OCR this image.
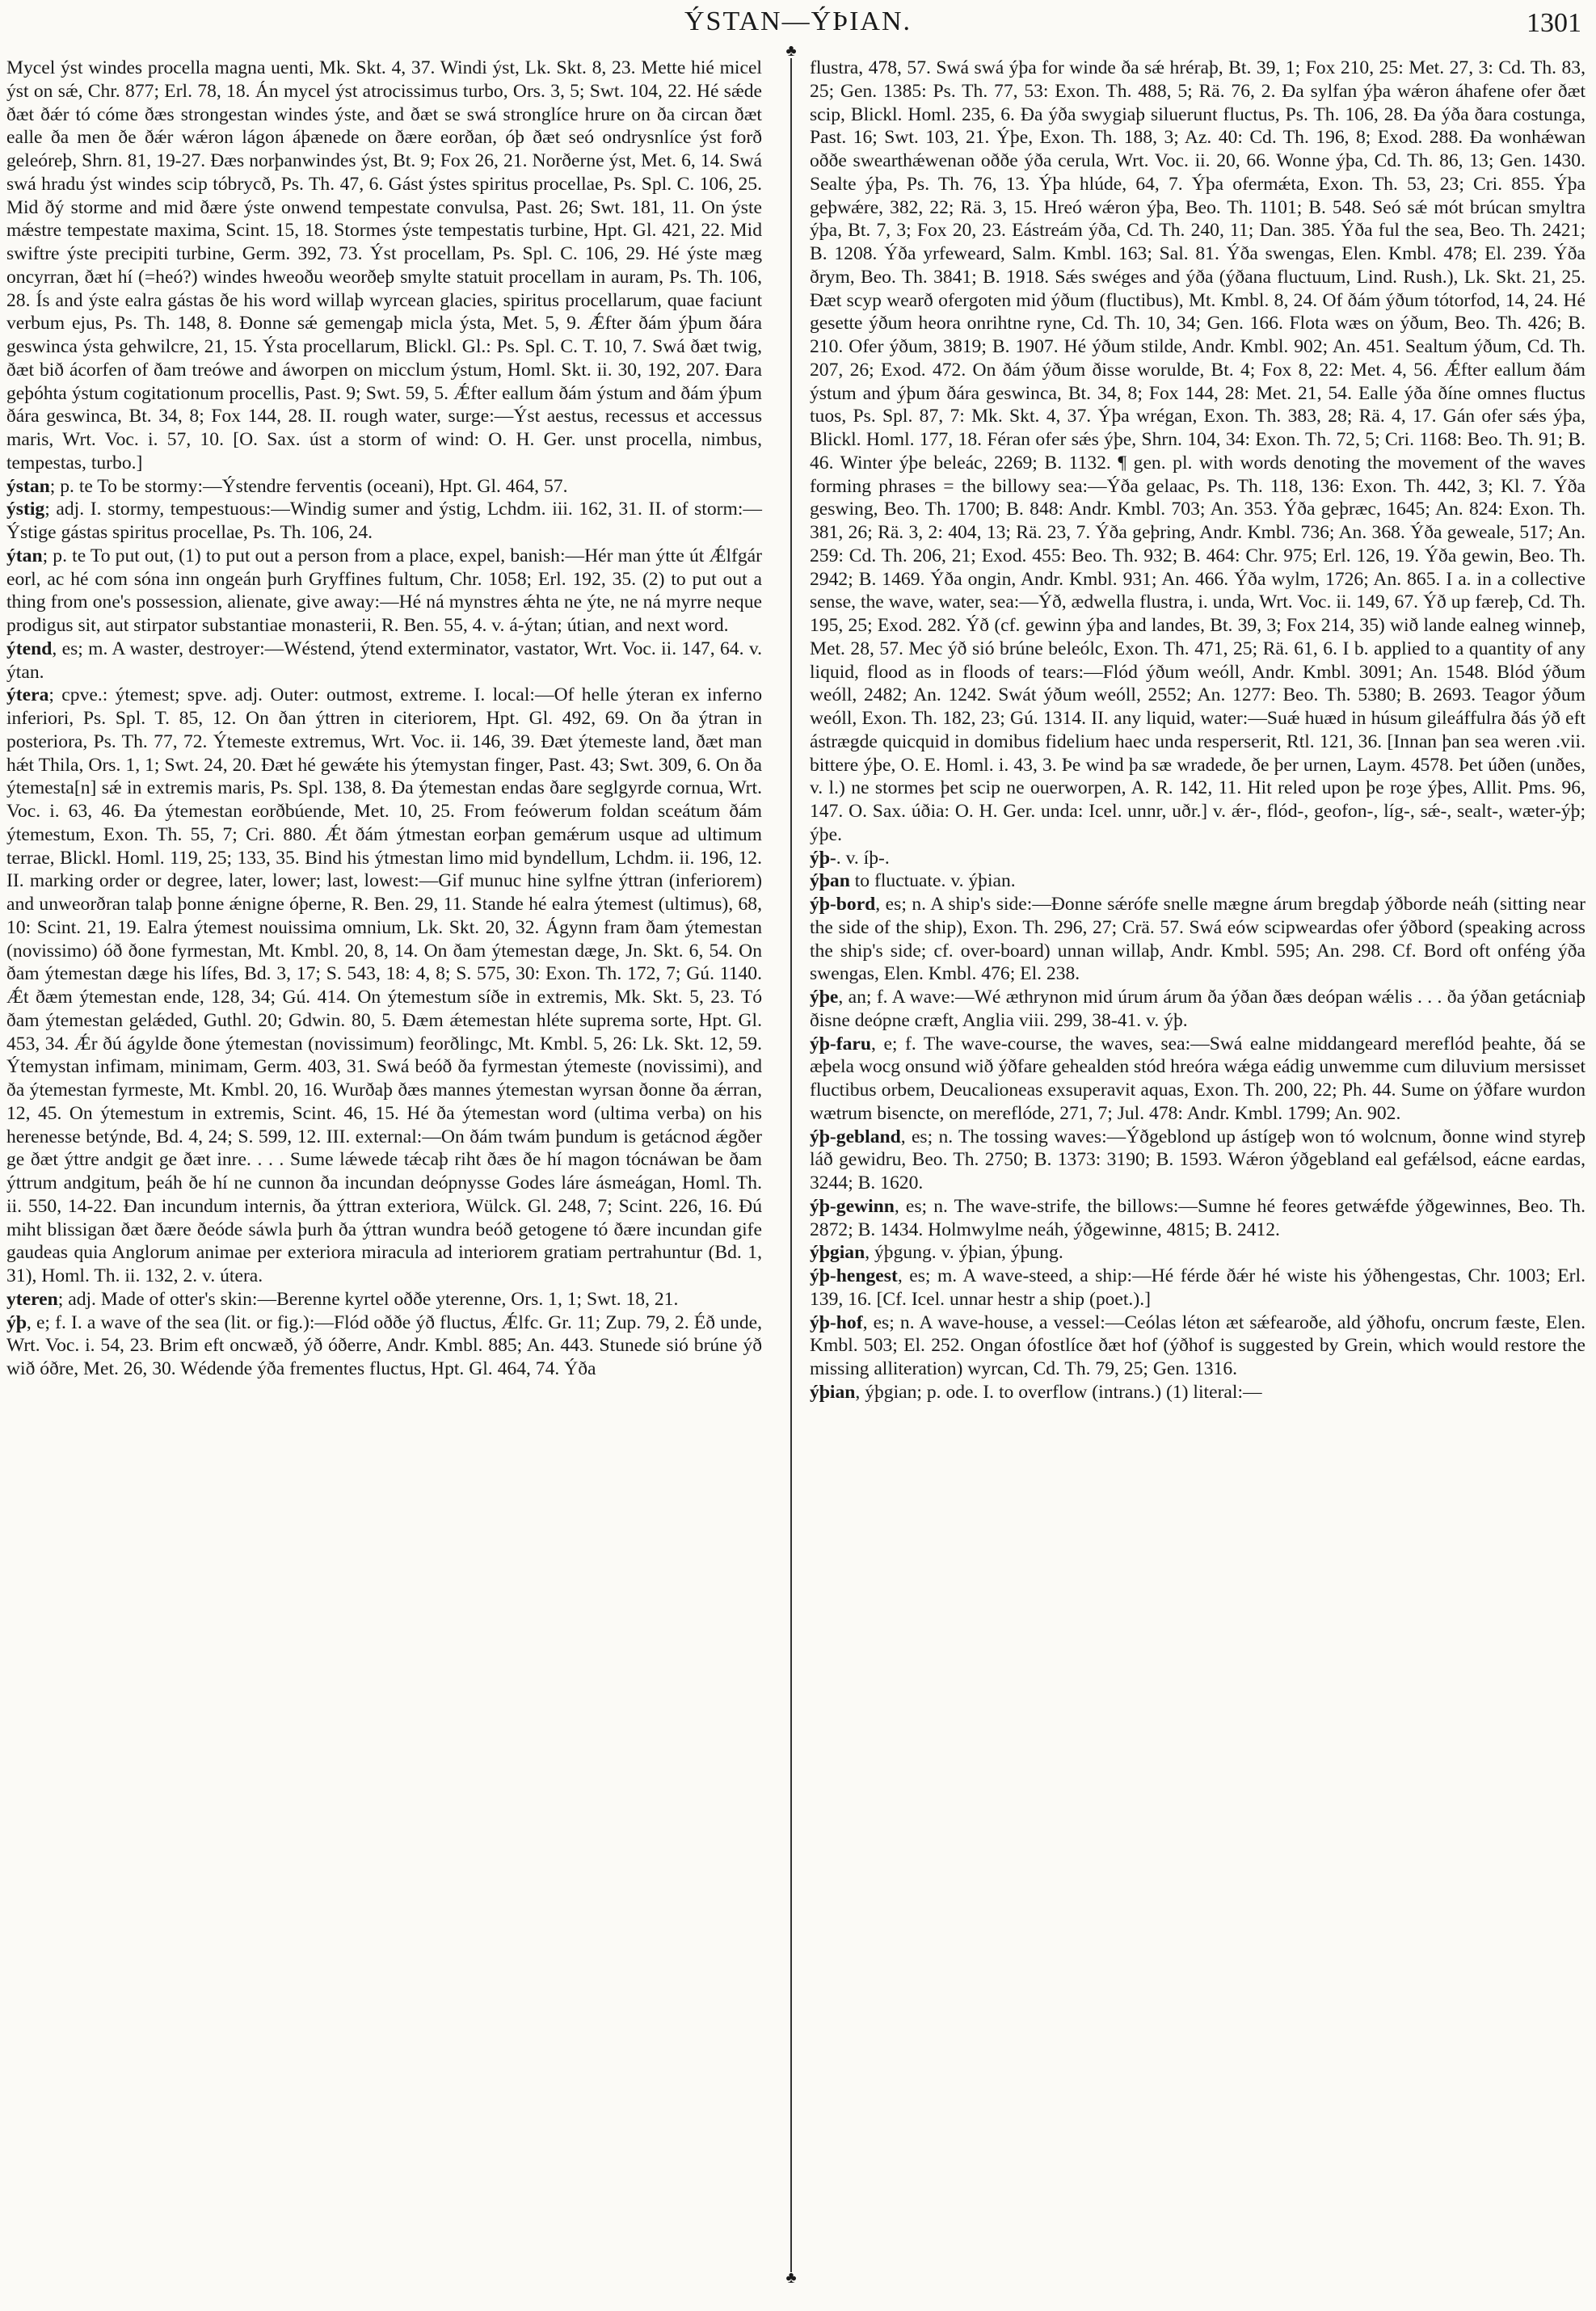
ÝSTAN—ÝÞIAN.	1301
♣
♣

Mycel ýst windes procella magna uenti, Mk. Skt. 4, 37. Windi ýst, Lk. Skt. 8, 23. Mette hié micel ýst on sǽ, Chr. 877; Erl. 78, 18. Án mycel ýst atrocissimus turbo, Ors. 3, 5; Swt. 104, 22. Hé sǽde ðæt ðǽr tó cóme ðæs strongestan windes ýste, and ðæt se swá stronglíce hrure on ða circan ðæt ealle ða men ðe ðǽr wǽron lágon áþænede on ðære eorðan, óþ ðæt seó ondrysnlíce ýst forð geleóreþ, Shrn. 81, 19-27. Ðæs norþanwindes ýst, Bt. 9; Fox 26, 21. Norðerne ýst, Met. 6, 14. Swá swá hradu ýst windes scip tóbrycð, Ps. Th. 47, 6. Gást ýstes spiritus procellae, Ps. Spl. C. 106, 25. Mid ðý storme and mid ðære ýste onwend tempestate convulsa, Past. 26; Swt. 181, 11. On ýste mǽstre tempestate maxima, Scint. 15, 18. Stormes ýste tempestatis turbine, Hpt. Gl. 421, 22. Mid swiftre ýste precipiti turbine, Germ. 392, 73. Ýst procellam, Ps. Spl. C. 106, 29. Hé ýste mæg oncyrran, ðæt hí (=heó?) windes hweoðu weorðeþ smylte statuit procellam in auram, Ps. Th. 106, 28. Ís and ýste ealra gástas ðe his word willaþ wyrcean glacies, spiritus procellarum, quae faciunt verbum ejus, Ps. Th. 148, 8. Ðonne sǽ gemengaþ micla ýsta, Met. 5, 9. Ǽfter ðám ýþum ðára geswinca ýsta gehwilcre, 21, 15. Ýsta procellarum, Blickl. Gl.: Ps. Spl. C. T. 10, 7. Swá ðæt twig, ðæt bið ácorfen of ðam treówe and áworpen on micclum ýstum, Homl. Skt. ii. 30, 192, 207. Ðara geþóhta ýstum cogitationum procellis, Past. 9; Swt. 59, 5. Ǽfter eallum ðám ýstum and ðám ýþum ðára geswinca, Bt. 34, 8; Fox 144, 28. II. rough water, surge:—Ýst aestus, recessus et accessus maris, Wrt. Voc. i. 57, 10. [O. Sax. úst a storm of wind: O. H. Ger. unst procella, nimbus, tempestas, turbo.]

ýstan; p. te To be stormy:—Ýstendre ferventis (oceani), Hpt. Gl. 464, 57.

ýstig; adj. I. stormy, tempestuous:—Windig sumer and ýstig, Lchdm. iii. 162, 31. II. of storm:—Ýstige gástas spiritus procellae, Ps. Th. 106, 24.

ýtan; p. te To put out, (1) to put out a person from a place, expel, banish:—Hér man ýtte út Ǽlfgár eorl, ac hé com sóna inn ongeán þurh Gryffines fultum, Chr. 1058; Erl. 192, 35. (2) to put out a thing from one's possession, alienate, give away:—Hé ná mynstres ǽhta ne ýte, ne ná myrre neque prodigus sit, aut stirpator substantiae monasterii, R. Ben. 55, 4. v. á-ýtan; útian, and next word.

ýtend, es; m. A waster, destroyer:—Wéstend, ýtend exterminator, vastator, Wrt. Voc. ii. 147, 64. v. ýtan.

ýtera; cpve.: ýtemest; spve. adj. Outer: outmost, extreme. I. local:—Of helle ýteran ex inferno inferiori, Ps. Spl. T. 85, 12. On ðan ýttren in citeriorem, Hpt. Gl. 492, 69. On ða ýtran in posteriora, Ps. Th. 77, 72. Ýtemeste extremus, Wrt. Voc. ii. 146, 39. Ðæt ýtemeste land, ðæt man hǽt Thila, Ors. 1, 1; Swt. 24, 20. Ðæt hé gewǽte his ýtemystan finger, Past. 43; Swt. 309, 6. On ða ýtemesta[n] sǽ in extremis maris, Ps. Spl. 138, 8. Ða ýtemestan endas ðare seglgyrde cornua, Wrt. Voc. i. 63, 46. Ða ýtemestan eorðbúende, Met. 10, 25. From feówerum foldan sceátum ðám ýtemestum, Exon. Th. 55, 7; Cri. 880. Ǽt ðám ýtmestan eorþan gemǽrum usque ad ultimum terrae, Blickl. Homl. 119, 25; 133, 35. Bind his ýtmestan limo mid byndellum, Lchdm. ii. 196, 12. II. marking order or degree, later, lower; last, lowest:—Gif munuc hine sylfne ýttran (inferiorem) and unweorðran talaþ þonne ǽnigne óþerne, R. Ben. 29, 11. Stande hé ealra ýtemest (ultimus), 68, 10: Scint. 21, 19. Ealra ýtemest nouissima omnium, Lk. Skt. 20, 32. Ágynn fram ðam ýtemestan (novissimo) óð ðone fyrmestan, Mt. Kmbl. 20, 8, 14. On ðam ýtemestan dæge, Jn. Skt. 6, 54. On ðam ýtemestan dæge his lífes, Bd. 3, 17; S. 543, 18: 4, 8; S. 575, 30: Exon. Th. 172, 7; Gú. 1140. Ǽt ðæm ýtemestan ende, 128, 34; Gú. 414. On ýtemestum síðe in extremis, Mk. Skt. 5, 23. Tó ðam ýtemestan gelǽded, Guthl. 20; Gdwin. 80, 5. Ðæm ǽtemestan hléte suprema sorte, Hpt. Gl. 453, 34. Ǽr ðú ágylde ðone ýtemestan (novissimum) feorðlingc, Mt. Kmbl. 5, 26: Lk. Skt. 12, 59. Ýtemystan infimam, minimam, Germ. 403, 31. Swá beóð ða fyrmestan ýtemeste (novissimi), and ða ýtemestan fyrmeste, Mt. Kmbl. 20, 16. Wurðaþ ðæs mannes ýtemestan wyrsan ðonne ða ǽrran, 12, 45. On ýtemestum in extremis, Scint. 46, 15. Hé ða ýtemestan word (ultima verba) on his herenesse betýnde, Bd. 4, 24; S. 599, 12. III. external:—On ðám twám þundum is getácnod ǽgðer ge ðæt ýttre andgit ge ðæt inre. . . . Sume lǽwede tǽcaþ riht ðæs ðe hí magon tócnáwan be ðam ýttrum andgitum, þeáh ðe hí ne cunnon ða incundan deópnysse Godes láre ásmeágan, Homl. Th. ii. 550, 14-22. Ðan incundum internis, ða ýttran exteriora, Wülck. Gl. 248, 7; Scint. 226, 16. Ðú miht blissigan ðæt ðære ðeóde sáwla þurh ða ýttran wundra beóð getogene tó ðære incundan gife gaudeas quia Anglorum animae per exteriora miracula ad interiorem gratiam pertrahuntur (Bd. 1, 31), Homl. Th. ii. 132, 2. v. útera.

yteren; adj. Made of otter's skin:—Berenne kyrtel oððe yterenne, Ors. 1, 1; Swt. 18, 21.

ýþ, e; f. I. a wave of the sea (lit. or fig.):—Flód oððe ýð fluctus, Ǽlfc. Gr. 11; Zup. 79, 2. Éð unde, Wrt. Voc. i. 54, 23. Brim eft oncwæð, ýð óðerre, Andr. Kmbl. 885; An. 443. Stunede sió brúne ýð wið óðre, Met. 26, 30. Wédende ýða frementes fluctus, Hpt. Gl. 464, 74. Ýða

flustra, 478, 57. Swá swá ýþa for winde ða sǽ hréraþ, Bt. 39, 1; Fox 210, 25: Met. 27, 3: Cd. Th. 83, 25; Gen. 1385: Ps. Th. 77, 53: Exon. Th. 488, 5; Rä. 76, 2. Ða sylfan ýþa wǽron áhafene ofer ðæt scip, Blickl. Homl. 235, 6. Ða ýða swygiaþ siluerunt fluctus, Ps. Th. 106, 28. Ða ýða ðara costunga, Past. 16; Swt. 103, 21. Ýþe, Exon. Th. 188, 3; Az. 40: Cd. Th. 196, 8; Exod. 288. Ða wonhǽwan oððe swearthǽwenan oððe ýða cerula, Wrt. Voc. ii. 20, 66. Wonne ýþa, Cd. Th. 86, 13; Gen. 1430. Sealte ýþa, Ps. Th. 76, 13. Ýþa hlúde, 64, 7. Ýþa ofermǽta, Exon. Th. 53, 23; Cri. 855. Ýþa geþwǽre, 382, 22; Rä. 3, 15. Hreó wǽron ýþa, Beo. Th. 1101; B. 548. Seó sǽ mót brúcan smyltra ýþa, Bt. 7, 3; Fox 20, 23. Eástreám ýða, Cd. Th. 240, 11; Dan. 385. Ýða ful the sea, Beo. Th. 2421; B. 1208. Ýða yrfeweard, Salm. Kmbl. 163; Sal. 81. Ýða swengas, Elen. Kmbl. 478; El. 239. Ýða ðrym, Beo. Th. 3841; B. 1918. Sǽs swéges and ýða (ýðana fluctuum, Lind. Rush.), Lk. Skt. 21, 25. Ðæt scyp wearð ofergoten mid ýðum (fluctibus), Mt. Kmbl. 8, 24. Of ðám ýðum tótorfod, 14, 24. Hé gesette ýðum heora onrihtne ryne, Cd. Th. 10, 34; Gen. 166. Flota wæs on ýðum, Beo. Th. 426; B. 210. Ofer ýðum, 3819; B. 1907. Hé ýðum stilde, Andr. Kmbl. 902; An. 451. Sealtum ýðum, Cd. Th. 207, 26; Exod. 472. On ðám ýðum ðisse worulde, Bt. 4; Fox 8, 22: Met. 4, 56. Ǽfter eallum ðám ýstum and ýþum ðára geswinca, Bt. 34, 8; Fox 144, 28: Met. 21, 54. Ealle ýða ðíne omnes fluctus tuos, Ps. Spl. 87, 7: Mk. Skt. 4, 37. Ýþa wrégan, Exon. Th. 383, 28; Rä. 4, 17. Gán ofer sǽs ýþa, Blickl. Homl. 177, 18. Féran ofer sǽs ýþe, Shrn. 104, 34: Exon. Th. 72, 5; Cri. 1168: Beo. Th. 91; B. 46. Winter ýþe beleác, 2269; B. 1132. ¶ gen. pl. with words denoting the movement of the waves forming phrases = the billowy sea:—Ýða gelaac, Ps. Th. 118, 136: Exon. Th. 442, 3; Kl. 7. Ýða geswing, Beo. Th. 1700; B. 848: Andr. Kmbl. 703; An. 353. Ýða geþræc, 1645; An. 824: Exon. Th. 381, 26; Rä. 3, 2: 404, 13; Rä. 23, 7. Ýða geþring, Andr. Kmbl. 736; An. 368. Ýða geweale, 517; An. 259: Cd. Th. 206, 21; Exod. 455: Beo. Th. 932; B. 464: Chr. 975; Erl. 126, 19. Ýða gewin, Beo. Th. 2942; B. 1469. Ýða ongin, Andr. Kmbl. 931; An. 466. Ýða wylm, 1726; An. 865. I a. in a collective sense, the wave, water, sea:—Ýð, ædwella flustra, i. unda, Wrt. Voc. ii. 149, 67. Ýð up færeþ, Cd. Th. 195, 25; Exod. 282. Ýð (cf. gewinn ýþa and landes, Bt. 39, 3; Fox 214, 35) wið lande ealneg winneþ, Met. 28, 57. Mec ýð sió brúne beleólc, Exon. Th. 471, 25; Rä. 61, 6. I b. applied to a quantity of any liquid, flood as in floods of tears:—Flód ýðum weóll, Andr. Kmbl. 3091; An. 1548. Blód ýðum weóll, 2482; An. 1242. Swát ýðum weóll, 2552; An. 1277: Beo. Th. 5380; B. 2693. Teagor ýðum weóll, Exon. Th. 182, 23; Gú. 1314. II. any liquid, water:—Suǽ huæd in húsum gileáffulra ðás ýð eft ástrægde quicquid in domibus fidelium haec unda resperserit, Rtl. 121, 36. [Innan þan sea weren .vii. bittere ýþe, O. E. Homl. i. 43, 3. Þe wind þa sæ wradede, ðe þer urnen, Laym. 4578. Þet úðen (unðes, v. l.) ne stormes þet scip ne ouerworpen, A. R. 142, 11. Hit reled upon þe roȝe ýþes, Allit. Pms. 96, 147. O. Sax. úðia: O. H. Ger. unda: Icel. unnr, uðr.] v. ǽr-, flód-, geofon-, líg-, sǽ-, sealt-, wæter-ýþ; ýþe.

ýþ-. v. íþ-.

ýþan to fluctuate. v. ýþian.

ýþ-bord, es; n. A ship's side:—Ðonne sǽrófe snelle mægne árum bregdaþ ýðborde neáh (sitting near the side of the ship), Exon. Th. 296, 27; Crä. 57. Swá eów scipweardas ofer ýðbord (speaking across the ship's side; cf. over-board) unnan willaþ, Andr. Kmbl. 595; An. 298. Cf. Bord oft onféng ýða swengas, Elen. Kmbl. 476; El. 238.

ýþe, an; f. A wave:—Wé æthrynon mid úrum árum ða ýðan ðæs deópan wǽlis . . . ða ýðan getácniaþ ðisne deópne cræft, Anglia viii. 299, 38-41. v. ýþ.

ýþ-faru, e; f. The wave-course, the waves, sea:—Swá ealne middangeard mereflód þeahte, ðá se æþela wocg onsund wið ýðfare gehealden stód hreóra wǽga eádig unwemme cum diluvium mersisset fluctibus orbem, Deucalioneas exsuperavit aquas, Exon. Th. 200, 22; Ph. 44. Sume on ýðfare wurdon wætrum bisencte, on mereflóde, 271, 7; Jul. 478: Andr. Kmbl. 1799; An. 902.

ýþ-gebland, es; n. The tossing waves:—Ýðgeblond up ástígeþ won tó wolcnum, ðonne wind styreþ láð gewidru, Beo. Th. 2750; B. 1373: 3190; B. 1593. Wǽron ýðgebland eal gefǽlsod, eácne eardas, 3244; B. 1620.

ýþ-gewinn, es; n. The wave-strife, the billows:—Sumne hé feores getwǽfde ýðgewinnes, Beo. Th. 2872; B. 1434. Holmwylme neáh, ýðgewinne, 4815; B. 2412.

ýþgian, ýþgung. v. ýþian, ýþung.

ýþ-hengest, es; m. A wave-steed, a ship:—Hé férde ðǽr hé wiste his ýðhengestas, Chr. 1003; Erl. 139, 16. [Cf. Icel. unnar hestr a ship (poet.).]

ýþ-hof, es; n. A wave-house, a vessel:—Ceólas léton æt sǽfearoðe, ald ýðhofu, oncrum fæste, Elen. Kmbl. 503; El. 252. Ongan ófostlíce ðæt hof (ýðhof is suggested by Grein, which would restore the missing alliteration) wyrcan, Cd. Th. 79, 25; Gen. 1316.

ýþian, ýþgian; p. ode. I. to overflow (intrans.) (1) literal:—
